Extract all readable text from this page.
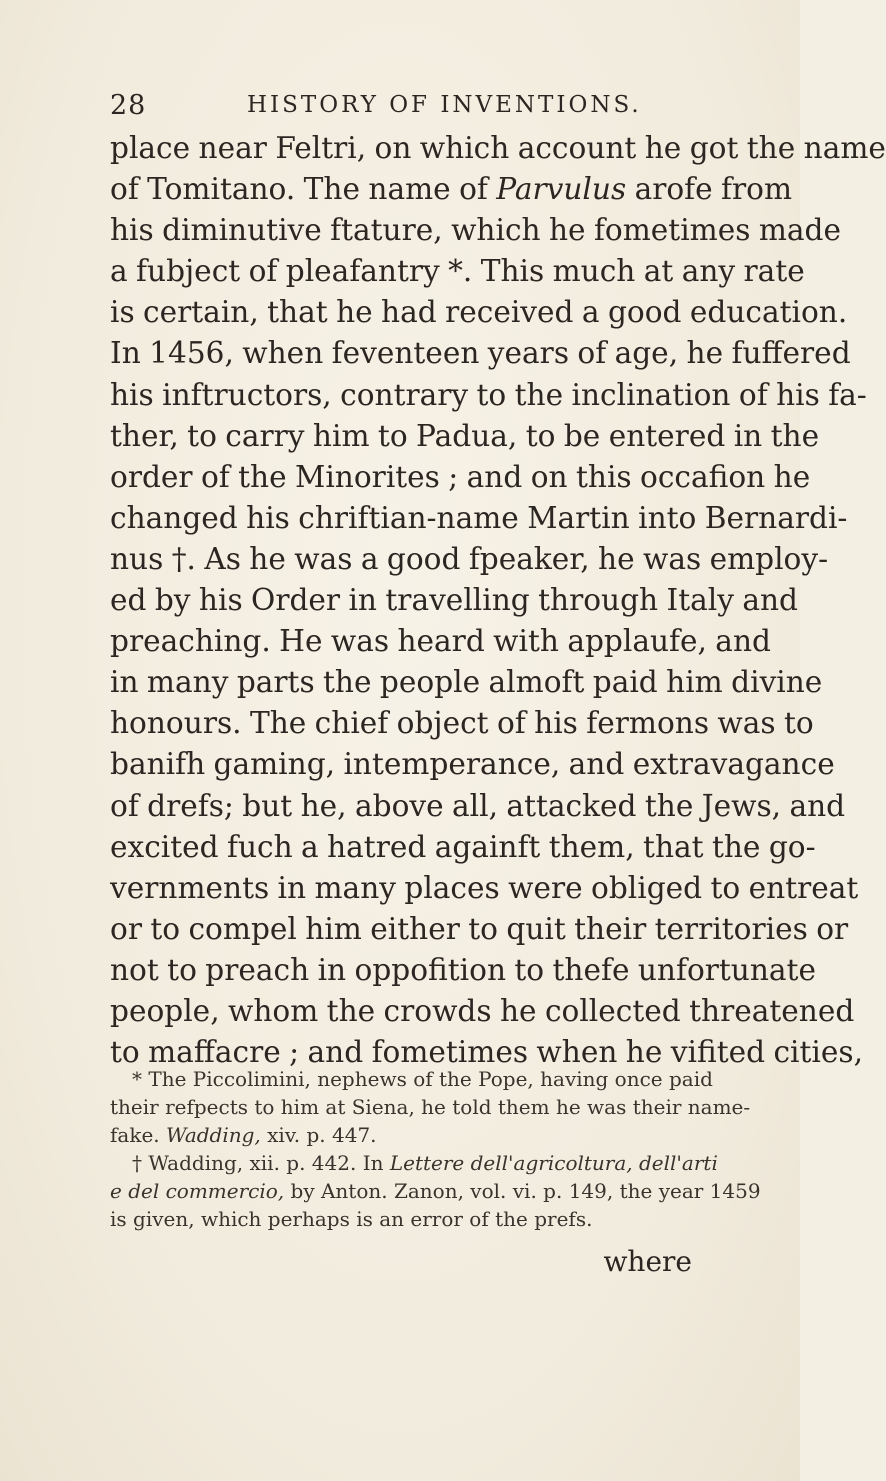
28	HISTORY OF INVENTIONS.
place near Feltri, on which account he got the name
of Tomitano. The name of Parvulus arofe from
his diminutive ftature, which he fometimes made
a fubject of pleafantry *. This much at any rate
is certain, that he had received a good education.
In 1456, when feventeen years of age, he fuffered
his inftructors, contrary to the inclination of his fa-
ther, to carry him to Padua, to be entered in the
order of the Minorites ; and on this occafion he
changed his chriftian-name Martin into Bernardi-
nus †. As he was a good fpeaker, he was employ-
ed by his Order in travelling through Italy and
preaching. He was heard with applaufe, and
in many parts the people almoft paid him divine
honours. The chief object of his fermons was to
banifh gaming, intemperance, and extravagance
of drefs; but he, above all, attacked the Jews, and
excited fuch a hatred againft them, that the go-
vernments in many places were obliged to entreat
or to compel him either to quit their territories or
not to preach in oppofition to thefe unfortunate
people, whom the crowds he collected threatened
to maffacre ; and fometimes when he vifited cities,
* The Piccolimini, nephews of the Pope, having once paid
their refpects to him at Siena, he told them he was their name-
fake. Wadding, xiv. p. 447.
† Wadding, xii. p. 442. In Lettere dell'agricoltura, dell'arti
e del commercio, by Anton. Zanon, vol. vi. p. 149, the year 1459
is given, which perhaps is an error of the prefs.
where
